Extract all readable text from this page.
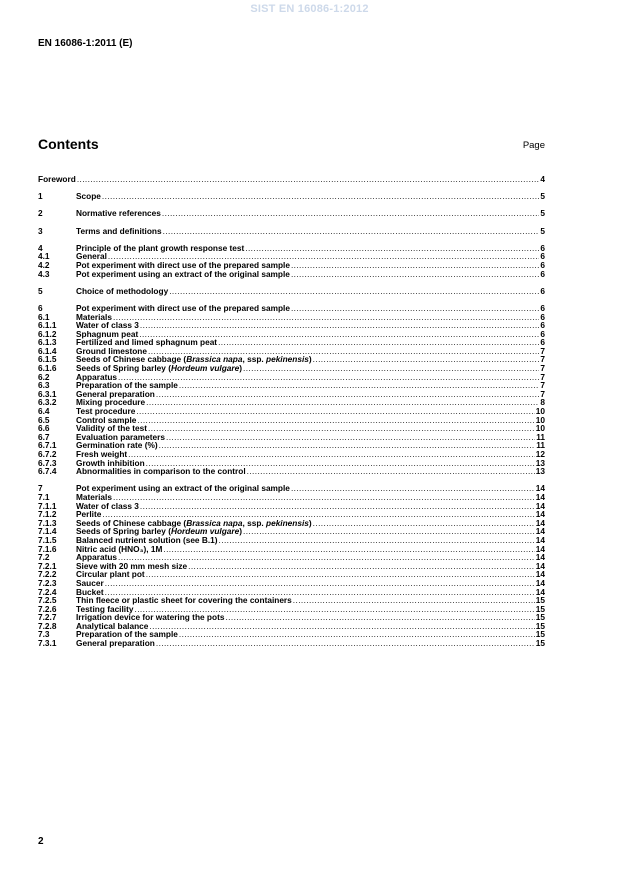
SIST EN 16086-1:2012
EN 16086-1:2011 (E)
Contents	Page
Foreword .....	4
1	Scope .....	5
2	Normative references .....	5
3	Terms and definitions .....	5
4	Principle of the plant growth response test .....	6
4.1	General .....	6
4.2	Pot experiment with direct use of the prepared sample .....	6
4.3	Pot experiment using an extract of the original sample .....	6
5	Choice of methodology .....	6
6	Pot experiment with direct use of the prepared sample .....	6
6.1	Materials .....	6
6.1.1	Water of class 3 .....	6
6.1.2	Sphagnum peat .....	6
6.1.3	Fertilized and limed sphagnum peat .....	6
6.1.4	Ground limestone .....	7
6.1.5	Seeds of Chinese cabbage (Brassica napa, ssp. pekinensis) .....	7
6.1.6	Seeds of Spring barley (Hordeum vulgare) .....	7
6.2	Apparatus .....	7
6.3	Preparation of the sample .....	7
6.3.1	General preparation .....	7
6.3.2	Mixing procedure .....	8
6.4	Test procedure .....	10
6.5	Control sample .....	10
6.6	Validity of the test .....	10
6.7	Evaluation parameters .....	11
6.7.1	Germination rate (%) .....	11
6.7.2	Fresh weight .....	12
6.7.3	Growth inhibition .....	13
6.7.4	Abnormalities in comparison to the control .....	13
7	Pot experiment using an extract of the original sample .....	14
7.1	Materials .....	14
7.1.1	Water of class 3 .....	14
7.1.2	Perlite .....	14
7.1.3	Seeds of Chinese cabbage (Brassica napa, ssp. pekinensis) .....	14
7.1.4	Seeds of Spring barley (Hordeum vulgare) .....	14
7.1.5	Balanced nutrient solution (see B.1) .....	14
7.1.6	Nitric acid (HNO₃), 1M .....	14
7.2	Apparatus .....	14
7.2.1	Sieve with 20 mm mesh size .....	14
7.2.2	Circular plant pot .....	14
7.2.3	Saucer .....	14
7.2.4	Bucket .....	14
7.2.5	Thin fleece or plastic sheet for covering the containers .....	15
7.2.6	Testing facility .....	15
7.2.7	Irrigation device for watering the pots .....	15
7.2.8	Analytical balance .....	15
7.3	Preparation of the sample .....	15
7.3.1	General preparation .....	15
2
